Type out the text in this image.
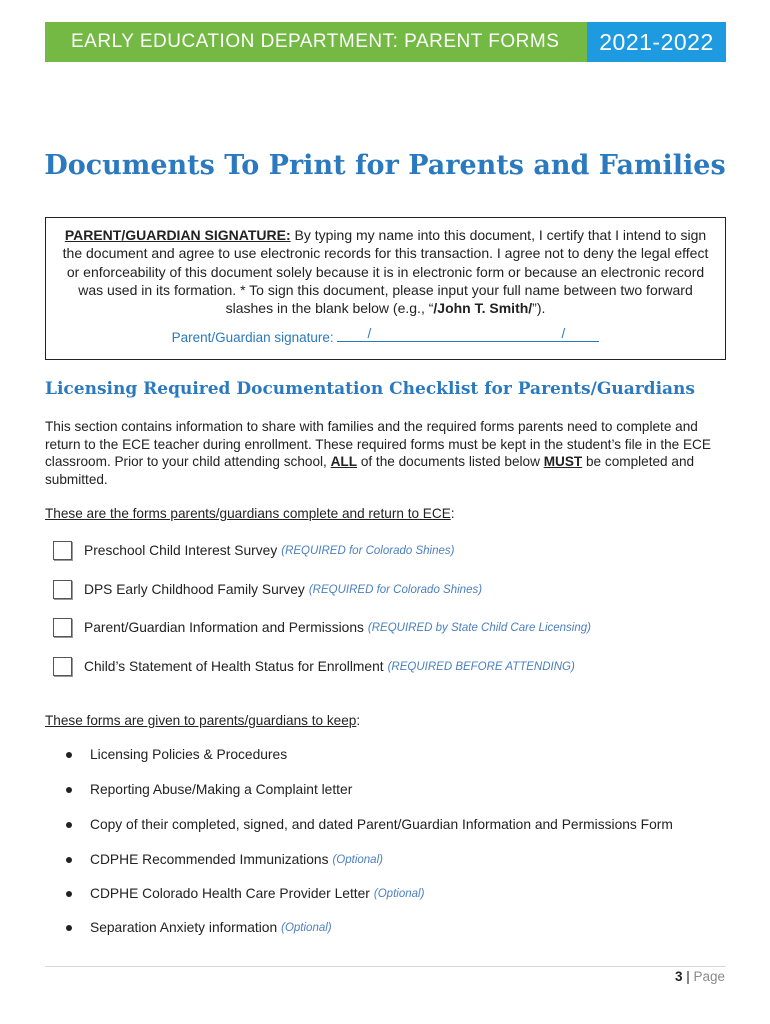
EARLY EDUCATION DEPARTMENT: PARENT FORMS	2021-2022
Documents To Print for Parents and Families
PARENT/GUARDIAN SIGNATURE: By typing my name into this document, I certify that I intend to sign the document and agree to use electronic records for this transaction. I agree not to deny the legal effect or enforceability of this document solely because it is in electronic form or because an electronic record was used in its formation. * To sign this document, please input your full name between two forward slashes in the blank below (e.g., “/John T. Smith/”).
Parent/Guardian signature:	/	/
Licensing Required Documentation Checklist for Parents/Guardians
This section contains information to share with families and the required forms parents need to complete and return to the ECE teacher during enrollment. These required forms must be kept in the student’s file in the ECE classroom. Prior to your child attending school, ALL of the documents listed below MUST be completed and submitted.
These are the forms parents/guardians complete and return to ECE:
Preschool Child Interest Survey (REQUIRED for Colorado Shines)
DPS Early Childhood Family Survey (REQUIRED for Colorado Shines)
Parent/Guardian Information and Permissions (REQUIRED by State Child Care Licensing)
Child’s Statement of Health Status for Enrollment (REQUIRED BEFORE ATTENDING)
These forms are given to parents/guardians to keep:
Licensing Policies & Procedures
Reporting Abuse/Making a Complaint letter
Copy of their completed, signed, and dated Parent/Guardian Information and Permissions Form
CDPHE Recommended Immunizations (Optional)
CDPHE Colorado Health Care Provider Letter (Optional)
Separation Anxiety information (Optional)
3 | Page
